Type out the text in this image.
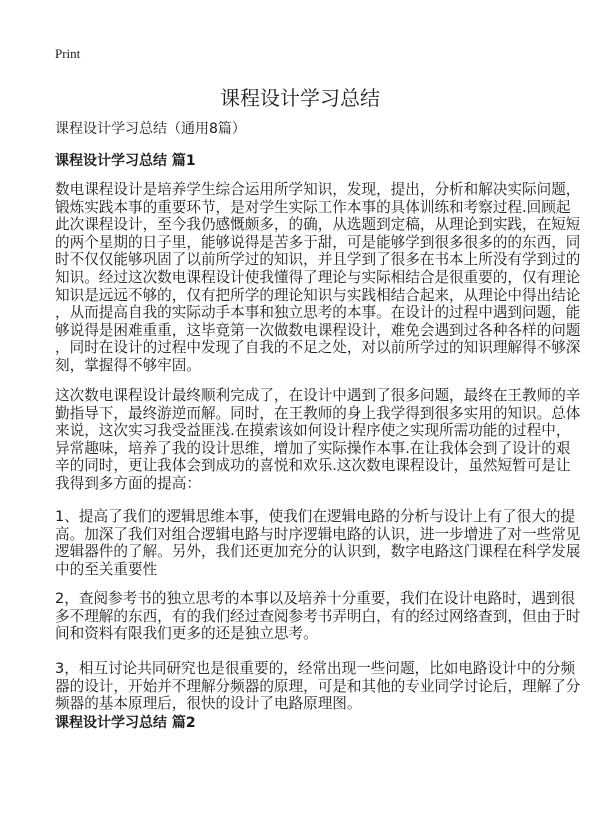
Print
课程设计学习总结
课程设计学习总结（通用8篇）
课程设计学习总结 篇1
数电课程设计是培养学生综合运用所学知识，发现，提出，分析和解决实际问题，
锻炼实践本事的重要环节，是对学生实际工作本事的具体训练和考察过程.回顾起
此次课程设计，至今我仍感慨颇多，的确，从选题到定稿，从理论到实践，在短短
的两个星期的日子里，能够说得是苦多于甜，可是能够学到很多很多的的东西，同
时不仅仅能够巩固了以前所学过的知识，并且学到了很多在书本上所没有学到过的
知识。经过这次数电课程设计使我懂得了理论与实际相结合是很重要的，仅有理论
知识是远远不够的，仅有把所学的理论知识与实践相结合起来，从理论中得出结论
，从而提高自我的实际动手本事和独立思考的本事。在设计的过程中遇到问题，能
够说得是困难重重，这毕竟第一次做数电课程设计，难免会遇到过各种各样的问题
，同时在设计的过程中发现了自我的不足之处，对以前所学过的知识理解得不够深
刻，掌握得不够牢固。
这次数电课程设计最终顺利完成了，在设计中遇到了很多问题，最终在王教师的辛
勤指导下，最终游逆而解。同时，在王教师的身上我学得到很多实用的知识。总体
来说，这次实习我受益匪浅.在摸索该如何设计程序使之实现所需功能的过程中，
异常趣味，培养了我的设计思维，增加了实际操作本事.在让我体会到了设计的艰
辛的同时，更让我体会到成功的喜悦和欢乐.这次数电课程设计，虽然短暂可是让
我得到多方面的提高：
1、提高了我们的逻辑思维本事，使我们在逻辑电路的分析与设计上有了很大的提
高。加深了我们对组合逻辑电路与时序逻辑电路的认识，进一步增进了对一些常见
逻辑器件的了解。另外，我们还更加充分的认识到，数字电路这门课程在科学发展
中的至关重要性
2，查阅参考书的独立思考的本事以及培养十分重要，我们在设计电路时，遇到很
多不理解的东西，有的我们经过查阅参考书弄明白，有的经过网络查到，但由于时
间和资料有限我们更多的还是独立思考。
3，相互讨论共同研究也是很重要的，经常出现一些问题，比如电路设计中的分频
器的设计，开始并不理解分频器的原理，可是和其他的专业同学讨论后，理解了分
频器的基本原理后，很快的设计了电路原理图。
课程设计学习总结 篇2
